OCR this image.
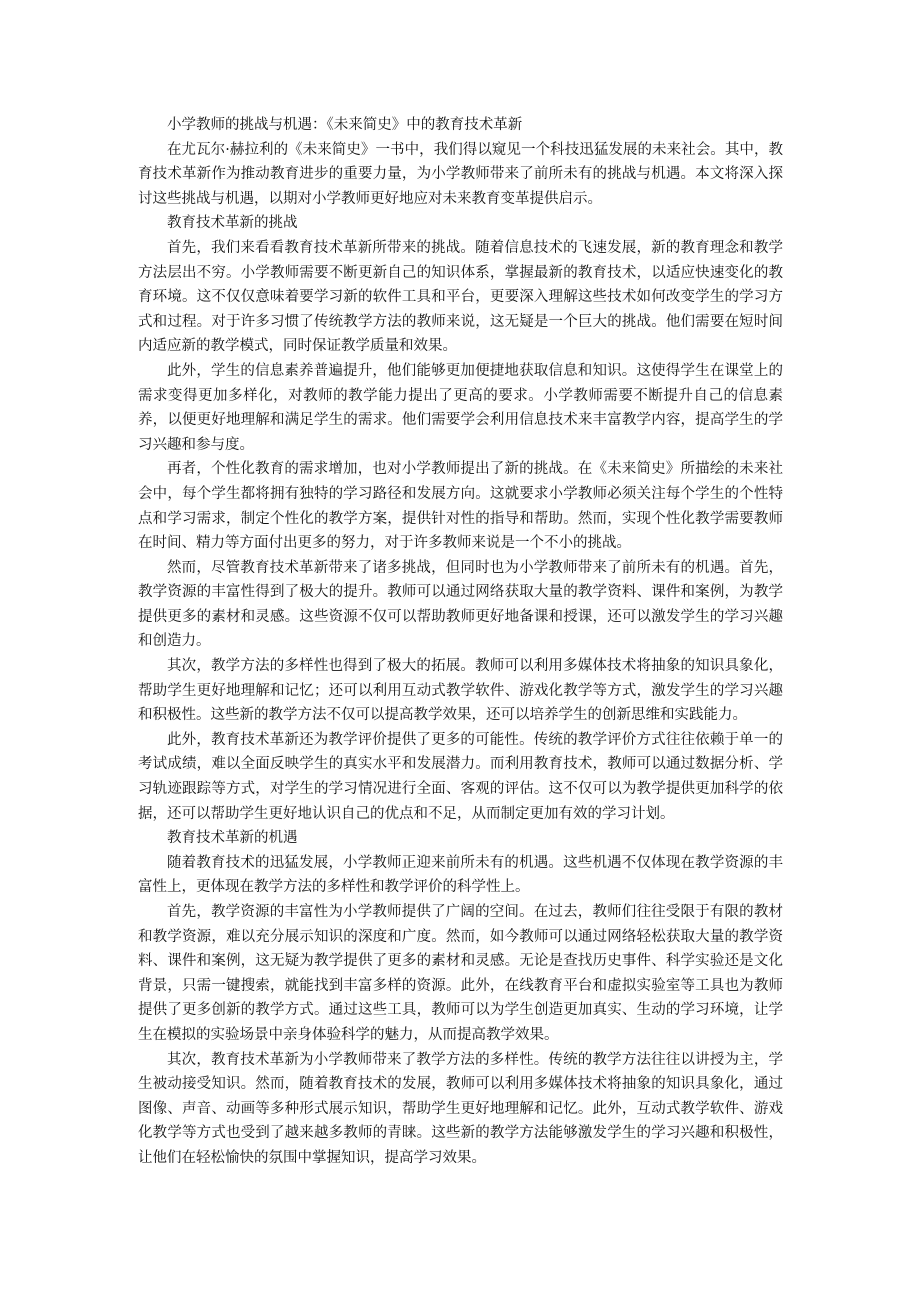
小学教师的挑战与机遇：《未来简史》中的教育技术革新

在尤瓦尔·赫拉利的《未来简史》一书中，我们得以窥见一个科技迅猛发展的未来社会。其中，教育技术革新作为推动教育进步的重要力量，为小学教师带来了前所未有的挑战与机遇。本文将深入探讨这些挑战与机遇，以期对小学教师更好地应对未来教育变革提供启示。

教育技术革新的挑战

首先，我们来看看教育技术革新所带来的挑战。随着信息技术的飞速发展，新的教育理念和教学方法层出不穷。小学教师需要不断更新自己的知识体系，掌握最新的教育技术，以适应快速变化的教育环境。这不仅仅意味着要学习新的软件工具和平台，更要深入理解这些技术如何改变学生的学习方式和过程。对于许多习惯了传统教学方法的教师来说，这无疑是一个巨大的挑战。他们需要在短时间内适应新的教学模式，同时保证教学质量和效果。

此外，学生的信息素养普遍提升，他们能够更加便捷地获取信息和知识。这使得学生在课堂上的需求变得更加多样化，对教师的教学能力提出了更高的要求。小学教师需要不断提升自己的信息素养，以便更好地理解和满足学生的需求。他们需要学会利用信息技术来丰富教学内容，提高学生的学习兴趣和参与度。

再者，个性化教育的需求增加，也对小学教师提出了新的挑战。在《未来简史》所描绘的未来社会中，每个学生都将拥有独特的学习路径和发展方向。这就要求小学教师必须关注每个学生的个性特点和学习需求，制定个性化的教学方案，提供针对性的指导和帮助。然而，实现个性化教学需要教师在时间、精力等方面付出更多的努力，对于许多教师来说是一个不小的挑战。

然而，尽管教育技术革新带来了诸多挑战，但同时也为小学教师带来了前所未有的机遇。首先，教学资源的丰富性得到了极大的提升。教师可以通过网络获取大量的教学资料、课件和案例，为教学提供更多的素材和灵感。这些资源不仅可以帮助教师更好地备课和授课，还可以激发学生的学习兴趣和创造力。

其次，教学方法的多样性也得到了极大的拓展。教师可以利用多媒体技术将抽象的知识具象化，帮助学生更好地理解和记忆；还可以利用互动式教学软件、游戏化教学等方式，激发学生的学习兴趣和积极性。这些新的教学方法不仅可以提高教学效果，还可以培养学生的创新思维和实践能力。

此外，教育技术革新还为教学评价提供了更多的可能性。传统的教学评价方式往往依赖于单一的考试成绩，难以全面反映学生的真实水平和发展潜力。而利用教育技术，教师可以通过数据分析、学习轨迹跟踪等方式，对学生的学习情况进行全面、客观的评估。这不仅可以为教学提供更加科学的依据，还可以帮助学生更好地认识自己的优点和不足，从而制定更加有效的学习计划。

教育技术革新的机遇

随着教育技术的迅猛发展，小学教师正迎来前所未有的机遇。这些机遇不仅体现在教学资源的丰富性上，更体现在教学方法的多样性和教学评价的科学性上。

首先，教学资源的丰富性为小学教师提供了广阔的空间。在过去，教师们往往受限于有限的教材和教学资源，难以充分展示知识的深度和广度。然而，如今教师可以通过网络轻松获取大量的教学资料、课件和案例，这无疑为教学提供了更多的素材和灵感。无论是查找历史事件、科学实验还是文化背景，只需一键搜索，就能找到丰富多样的资源。此外，在线教育平台和虚拟实验室等工具也为教师提供了更多创新的教学方式。通过这些工具，教师可以为学生创造更加真实、生动的学习环境，让学生在模拟的实验场景中亲身体验科学的魅力，从而提高教学效果。

其次，教育技术革新为小学教师带来了教学方法的多样性。传统的教学方法往往以讲授为主，学生被动接受知识。然而，随着教育技术的发展，教师可以利用多媒体技术将抽象的知识具象化，通过图像、声音、动画等多种形式展示知识，帮助学生更好地理解和记忆。此外，互动式教学软件、游戏化教学等方式也受到了越来越多教师的青睐。这些新的教学方法能够激发学生的学习兴趣和积极性，让他们在轻松愉快的氛围中掌握知识，提高学习效果。
